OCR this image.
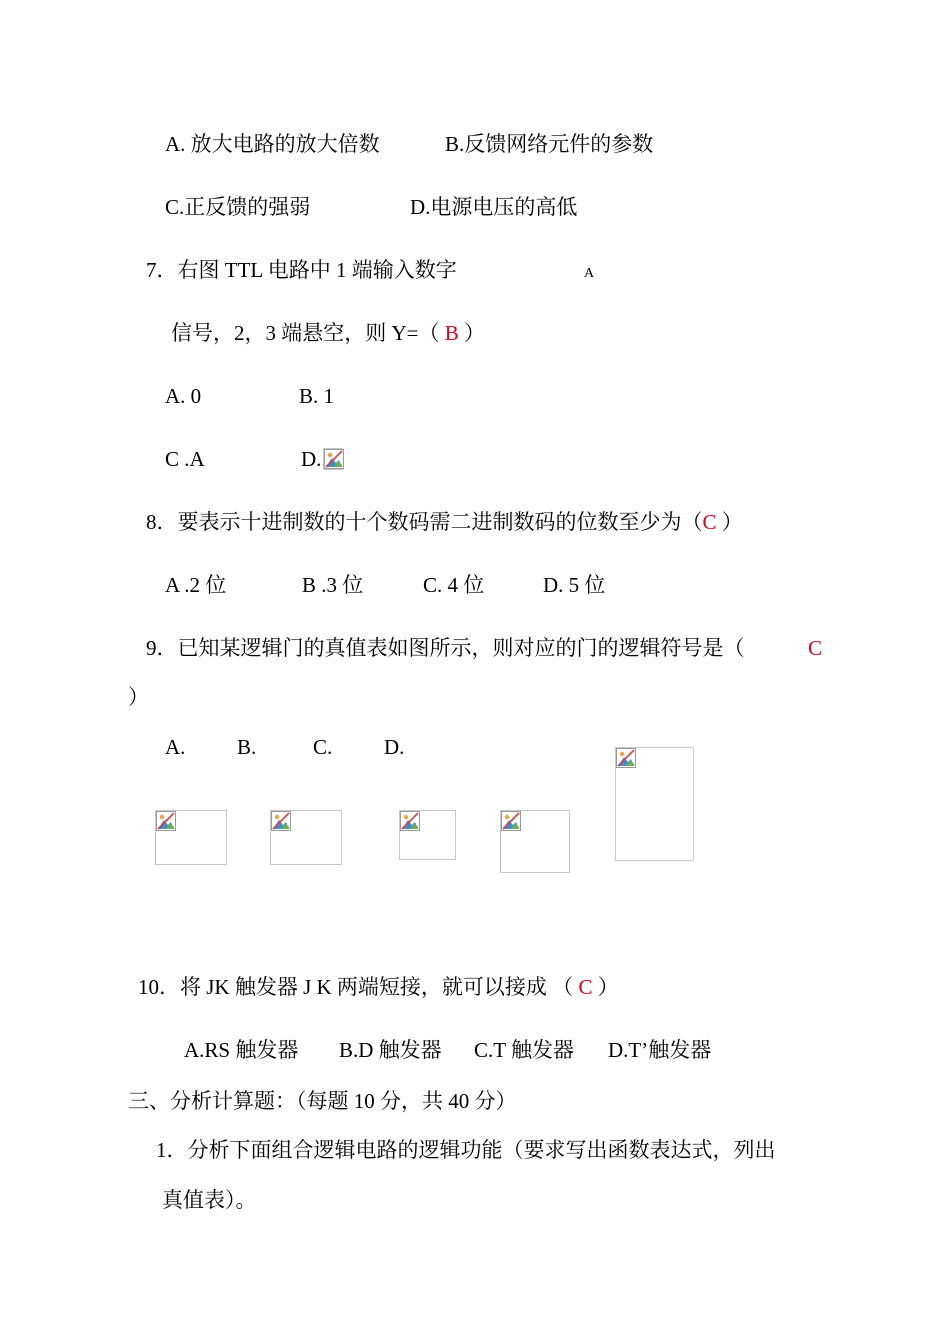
A. 放大电路的放大倍数	B.反馈网络元件的参数
C.正反馈的强弱	D.电源电压的高低
7．右图 TTL 电路中 1 端输入数字	A
信号，2，3 端悬空，则 Y=（ B ）
A. 0	B. 1
C .A	D.
8．要表示十进制数的十个数码需二进制数码的位数至少为（C ）
A .2 位	B .3 位	C. 4 位	D. 5 位
9．已知某逻辑门的真值表如图所示，则对应的门的逻辑符号是（	C
）
A. B.	C. D.
10．将 JK 触发器 J K 两端短接，就可以接成 （ C ）
A.RS 触发器 B.D 触发器 C.T 触发器 D.T’触发器
三、分析计算题：（每题 10 分，共 40 分）
1．分析下面组合逻辑电路的逻辑功能（要求写出函数表达式，列出
真值表）。
